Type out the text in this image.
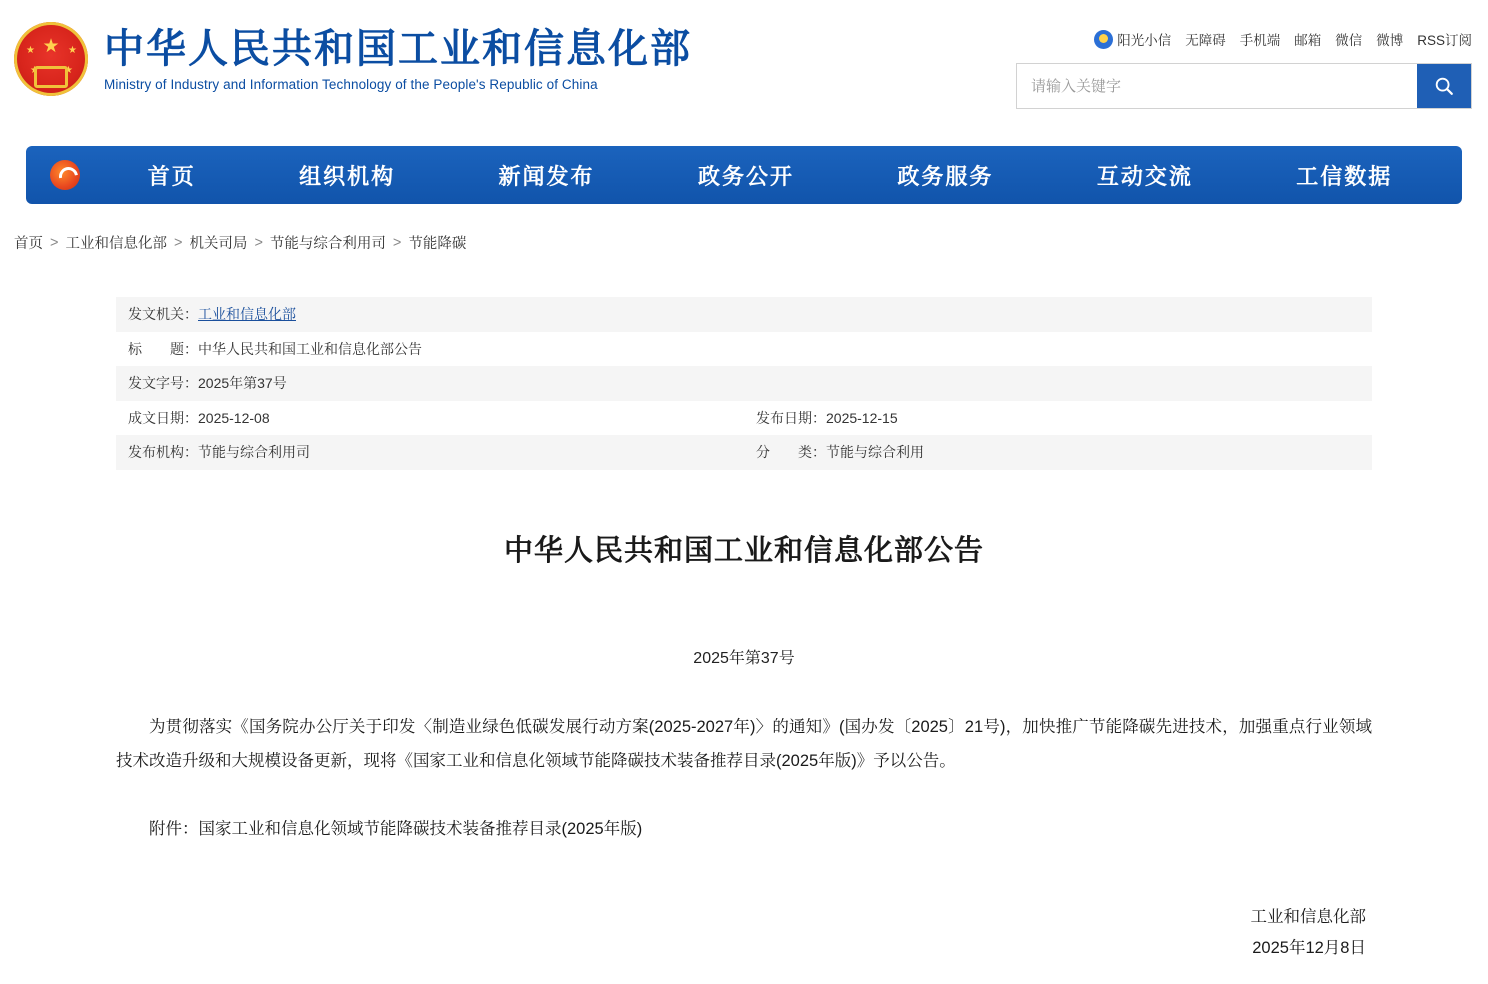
★
★	★
★	★ 中华人民共和国工业和信息化部
Ministry of Industry and Information Technology of the People's Republic of China
阳光小信 无障碍 手机端 邮箱 微信 微博 RSS订阅
请输入关键字
首页	组织机构	新闻发布	政务公开	政务服务	互动交流	工信数据
首页 > 工业和信息化部 > 机关司局 > 节能与综合利用司 > 节能降碳
发文机关：工业和信息化部	
标　　题：中华人民共和国工业和信息化部公告	
发文字号：2025年第37号	
成文日期：2025-12-08	发布日期：2025-12-15
发布机构：节能与综合利用司	分　　类：节能与综合利用
中华人民共和国工业和信息化部公告
2025年第37号

为贯彻落实《国务院办公厅关于印发〈制造业绿色低碳发展行动方案(2025-2027年)〉的通知》(国办发〔2025〕21号)，加快推广节能降碳先进技术，加强重点行业领域技术改造升级和大规模设备更新，现将《国家工业和信息化领域节能降碳技术装备推荐目录(2025年版)》予以公告。

附件：国家工业和信息化领域节能降碳技术装备推荐目录(2025年版)
工业和信息化部
2025年12月8日
